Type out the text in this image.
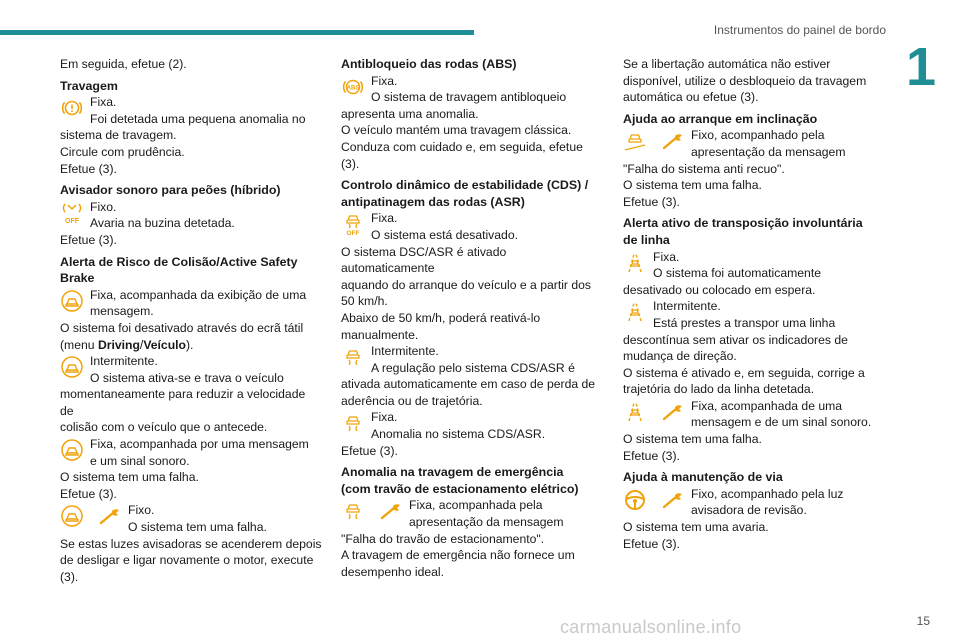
Instrumentos do painel de bordo
1

Em seguida, efetue (2).

Travagem

Fixa.
Foi detetada uma pequena anomalia no

sistema de travagem.

Circule com prudência.

Efetue (3).

Avisador sonoro para peões (híbrido)

OFF
Fixo.
Avaria na buzina detetada.

Efetue (3).

Alerta de Risco de Colisão/Active Safety
Brake

Fixa, acompanhada da exibição de uma
mensagem.

O sistema foi desativado através do ecrã tátil

(menu Driving/Veículo).

Intermitente.
O sistema ativa-se e trava o veículo

momentaneamente para reduzir a velocidade de

colisão com o veículo que o antecede.

Fixa, acompanhada por uma mensagem
e um sinal sonoro.

O sistema tem uma falha.

Efetue (3).

Fixo.
O sistema tem uma falha.

Se estas luzes avisadoras se acenderem depois

de desligar e ligar novamente o motor, execute

(3).

Antibloqueio das rodas (ABS)

ABS
Fixa.
O sistema de travagem antibloqueio

apresenta uma anomalia.

O veículo mantém uma travagem clássica.

Conduza com cuidado e, em seguida, efetue (3).

Controlo dinâmico de estabilidade (CDS) /
antipatinagem das rodas (ASR)

OFF
Fixa.
O sistema está desativado.

O sistema DSC/ASR é ativado automaticamente

aquando do arranque do veículo e a partir dos

50 km/h.

Abaixo de 50 km/h, poderá reativá-lo

manualmente.

Intermitente.
A regulação pelo sistema CDS/ASR é

ativada automaticamente em caso de perda de

aderência ou de trajetória.

Fixa.
Anomalia no sistema CDS/ASR.

Efetue (3).

Anomalia na travagem de emergência
(com travão de estacionamento elétrico)

Fixa, acompanhada pela
apresentação da mensagem

"Falha do travão de estacionamento".

A travagem de emergência não fornece um

desempenho ideal.

Se a libertação automática não estiver

disponível, utilize o desbloqueio da travagem

automática ou efetue (3).

Ajuda ao arranque em inclinação

Fixo, acompanhado pela
apresentação da mensagem

"Falha do sistema anti recuo".

O sistema tem uma falha.

Efetue (3).

Alerta ativo de transposição involuntária
de linha

Fixa.
O sistema foi automaticamente

desativado ou colocado em espera.

Intermitente.
Está prestes a transpor uma linha

descontínua sem ativar os indicadores de

mudança de direção.

O sistema é ativado e, em seguida, corrige a

trajetória do lado da linha detetada.

Fixa, acompanhada de uma
mensagem e de um sinal sonoro.

O sistema tem uma falha.

Efetue (3).

Ajuda à manutenção de via

Fixo, acompanhado pela luz
avisadora de revisão.

O sistema tem uma avaria.

Efetue (3).

carmanualsonline.info	15
